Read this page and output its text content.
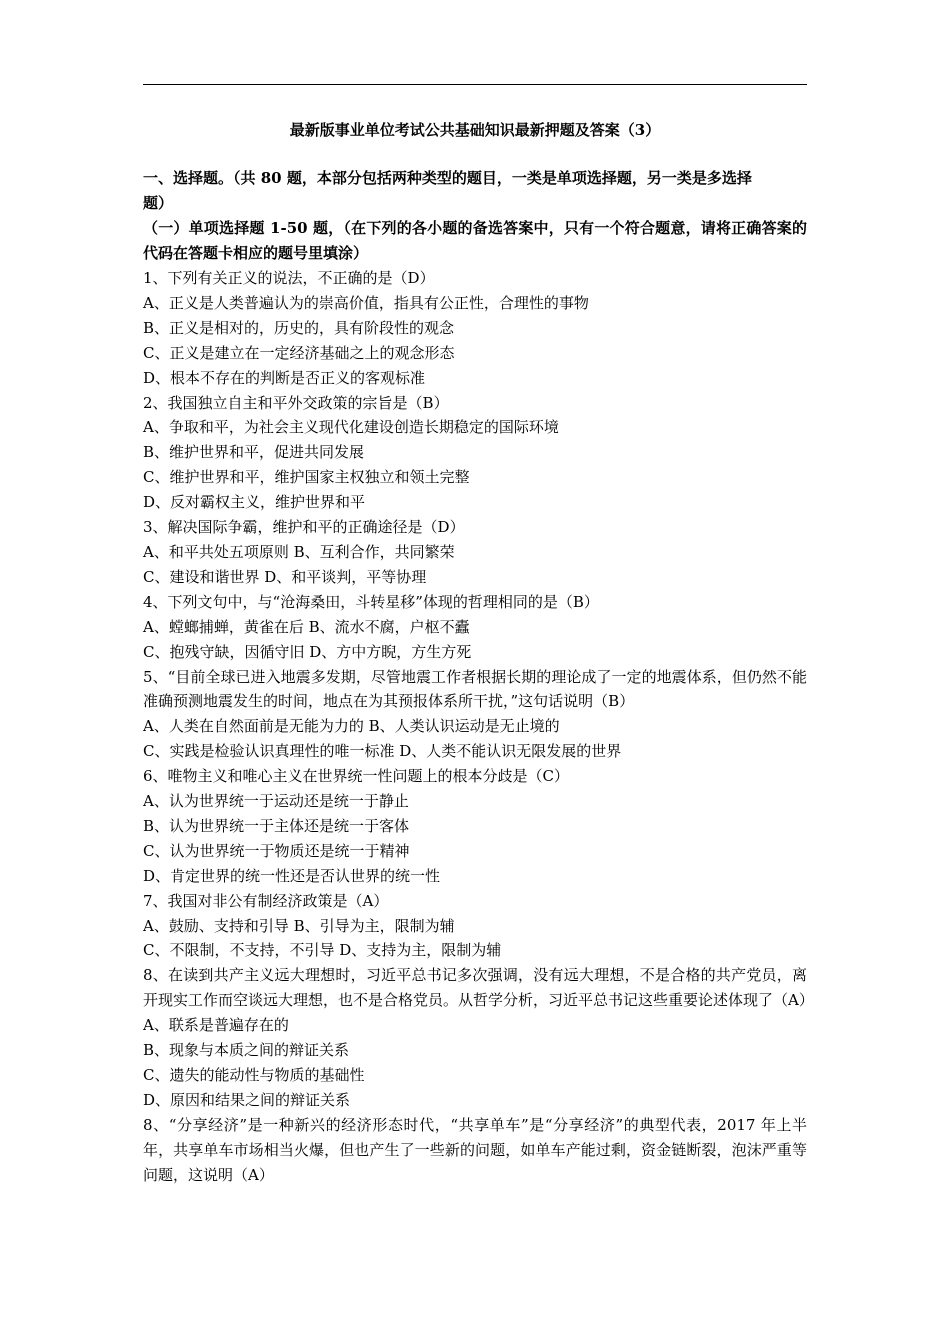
最新版事业单位考试公共基础知识最新押题及答案（3）
一、选择题。（共 80 题，本部分包括两种类型的题目，一类是单项选择题，另一类是多选择
题）
（一）单项选择题 1-50 题，（在下列的各小题的备选答案中，只有一个符合题意，请将正确答案的代码在答题卡相应的题号里填涂）
1、下列有关正义的说法，不正确的是（D）
A、正义是人类普遍认为的崇高价值，指具有公正性，合理性的事物
B、正义是相对的，历史的，具有阶段性的观念
C、正义是建立在一定经济基础之上的观念形态
D、根本不存在的判断是否正义的客观标准
2、我国独立自主和平外交政策的宗旨是（B）
A、争取和平，为社会主义现代化建设创造长期稳定的国际环境
B、维护世界和平，促进共同发展
C、维护世界和平，维护国家主权独立和领土完整
D、反对霸权主义，维护世界和平
3、解决国际争霸，维护和平的正确途径是（D）
A、和平共处五项原则 B、互利合作，共同繁荣
C、建设和谐世界 D、和平谈判，平等协理
4、下列文句中，与“沧海桑田，斗转星移”体现的哲理相同的是（B）
A、螳螂捕蝉，黄雀在后 B、流水不腐，户枢不蠹
C、抱残守缺，因循守旧 D、方中方睨，方生方死
5、“目前全球已进入地震多发期，尽管地震工作者根据长期的理论成了一定的地震体系，但仍然不能准确预测地震发生的时间，地点在为其预报体系所干扰，”这句话说明（B）
A、人类在自然面前是无能为力的 B、人类认识运动是无止境的
C、实践是检验认识真理性的唯一标准 D、人类不能认识无限发展的世界
6、唯物主义和唯心主义在世界统一性问题上的根本分歧是（C）
A、认为世界统一于运动还是统一于静止
B、认为世界统一于主体还是统一于客体
C、认为世界统一于物质还是统一于精神
D、肯定世界的统一性还是否认世界的统一性
7、我国对非公有制经济政策是（A）
A、鼓励、支持和引导 B、引导为主，限制为辅
C、不限制，不支持，不引导 D、支持为主，限制为辅
8、在读到共产主义远大理想时，习近平总书记多次强调，没有远大理想，不是合格的共产党员，离开现实工作而空谈远大理想，也不是合格党员。从哲学分析，习近平总书记这些重要论述体现了（A）
A、联系是普遍存在的
B、现象与本质之间的辩证关系
C、遗失的能动性与物质的基础性
D、原因和结果之间的辩证关系
8、“分享经济”是一种新兴的经济形态时代，“共享单车”是“分享经济”的典型代表，2017 年上半年，共享单车市场相当火爆，但也产生了一些新的问题，如单车产能过剩，资金链断裂，泡沫严重等问题，这说明（A）
